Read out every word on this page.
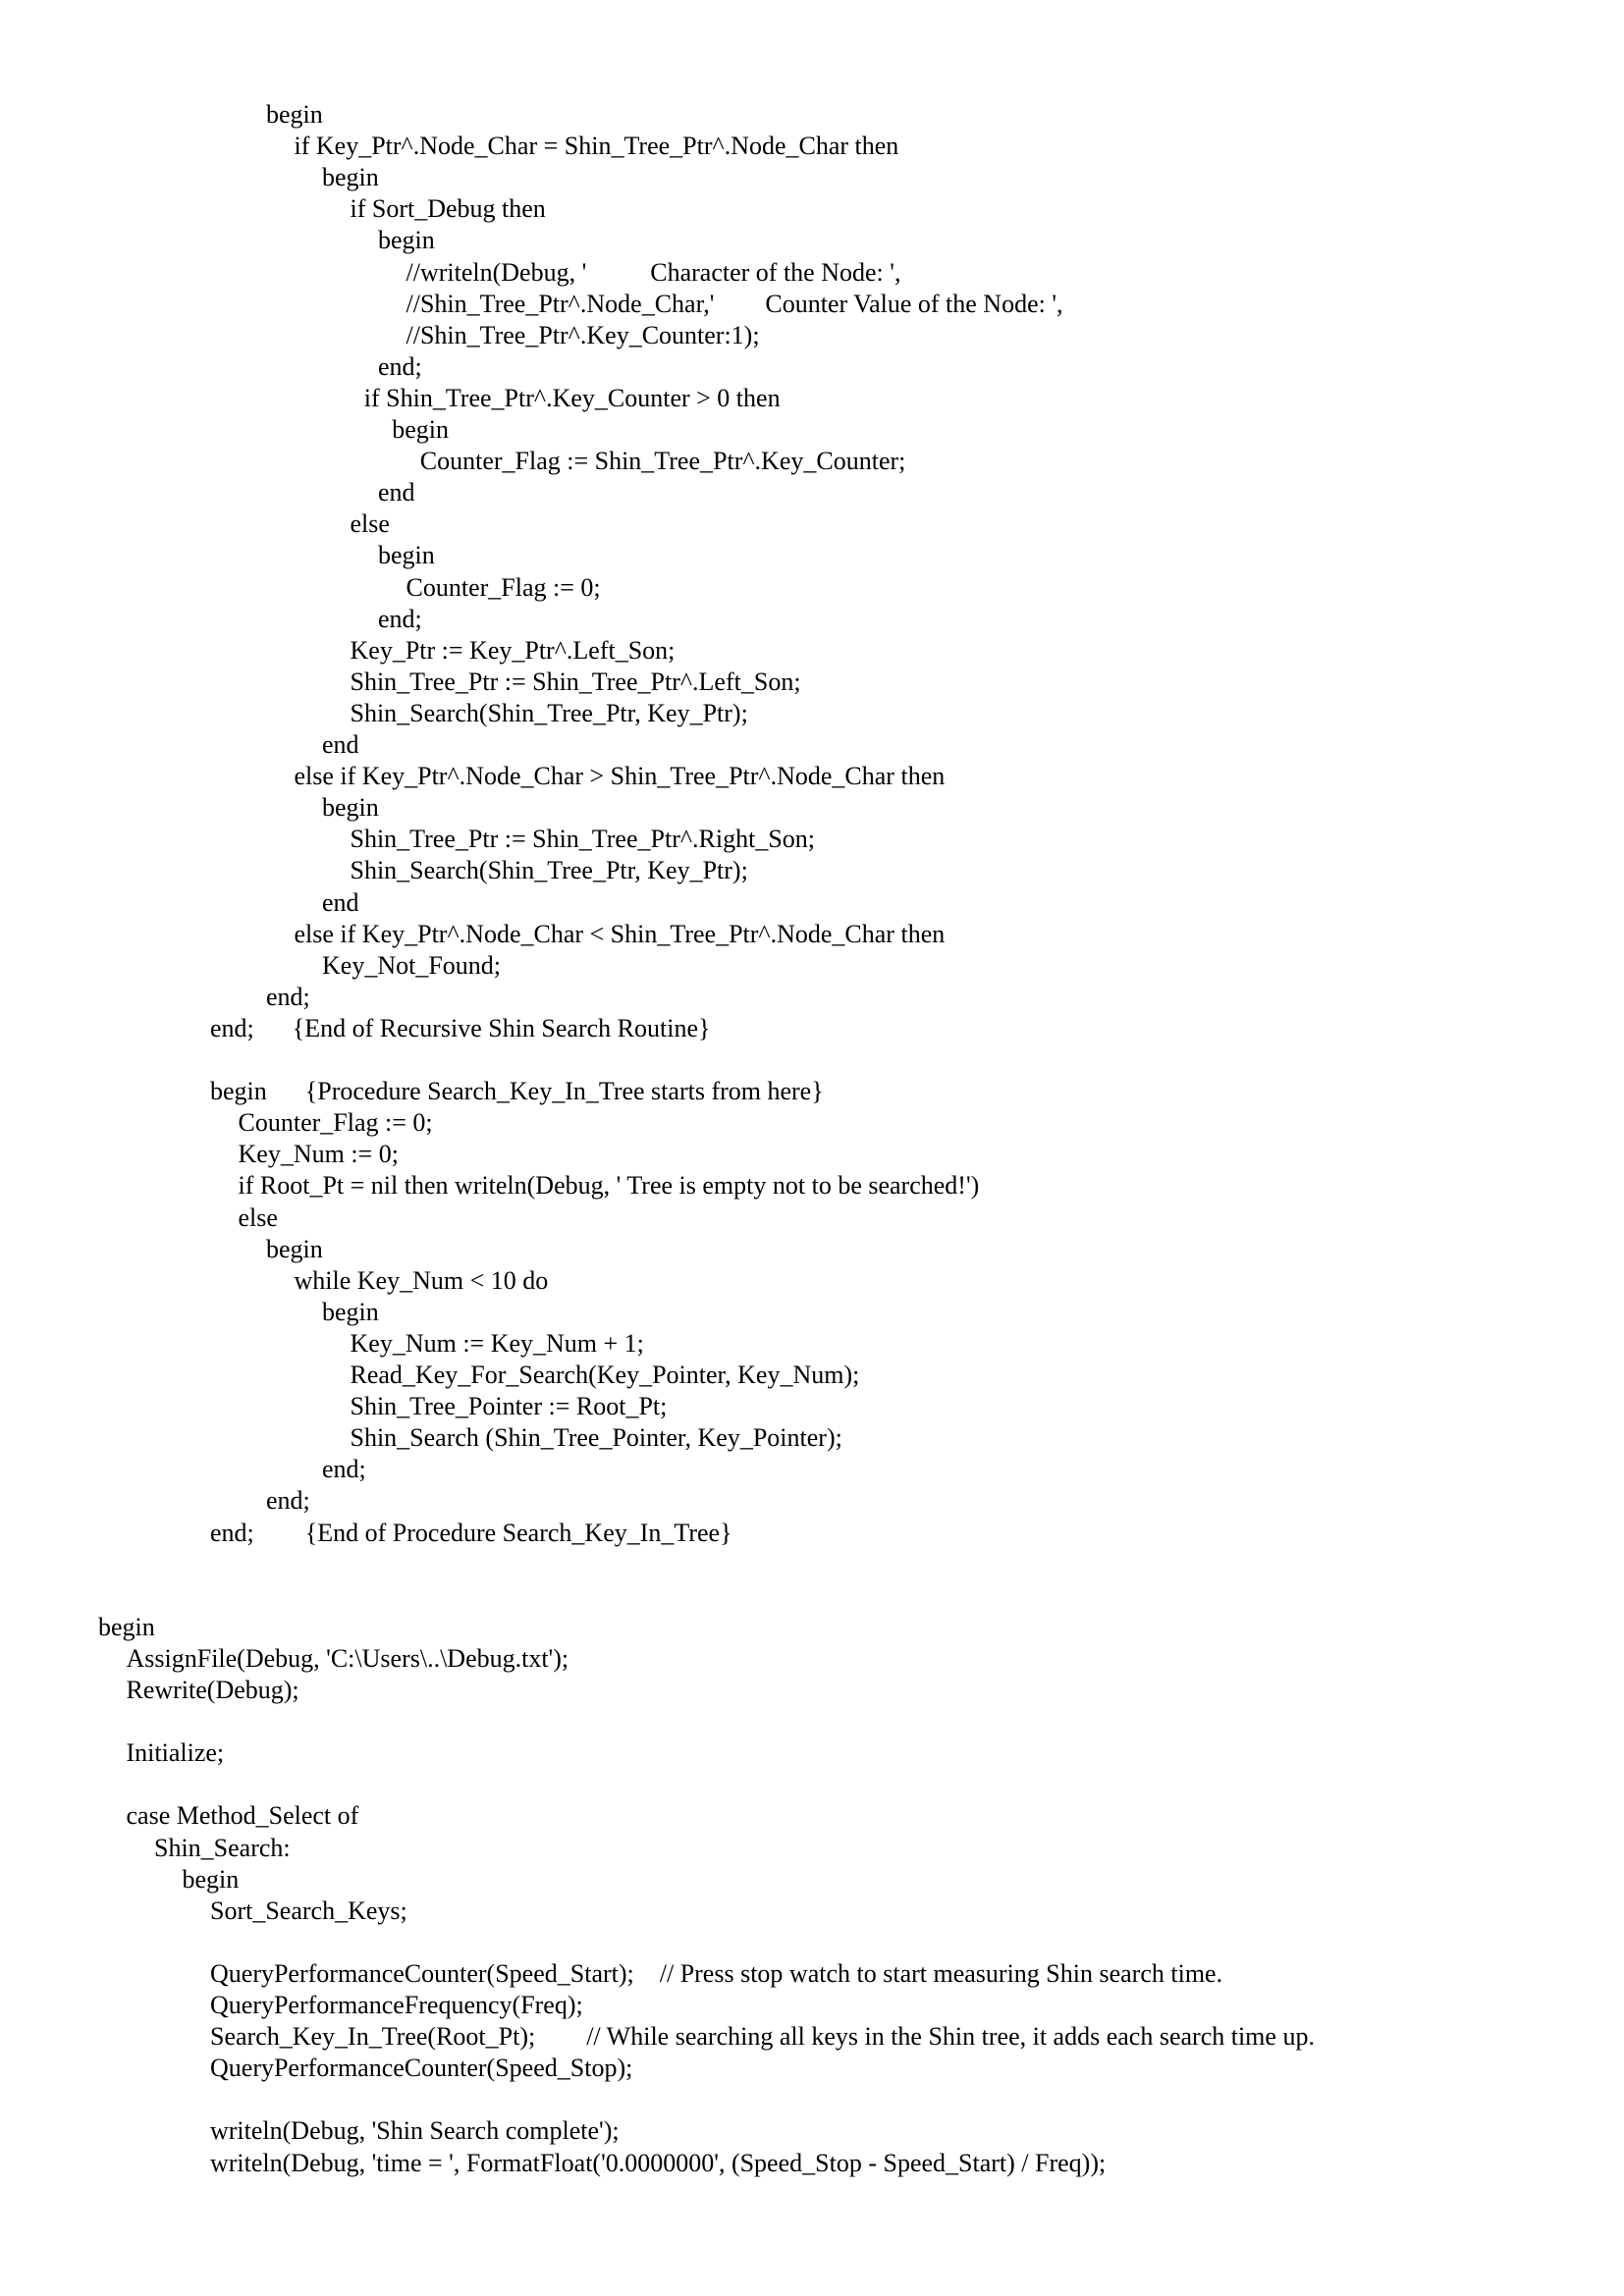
begin
if Key_Ptr^.Node_Char = Shin_Tree_Ptr^.Node_Char then
begin
if Sort_Debug then
begin
//writeln(Debug, '          Character of the Node: ',
//Shin_Tree_Ptr^.Node_Char,'        Counter Value of the Node: ',
//Shin_Tree_Ptr^.Key_Counter:1);
end;
if Shin_Tree_Ptr^.Key_Counter > 0 then
begin
Counter_Flag := Shin_Tree_Ptr^.Key_Counter;
end
else
begin
Counter_Flag := 0;
end;
Key_Ptr := Key_Ptr^.Left_Son;
Shin_Tree_Ptr := Shin_Tree_Ptr^.Left_Son;
Shin_Search(Shin_Tree_Ptr, Key_Ptr);
end
else if Key_Ptr^.Node_Char > Shin_Tree_Ptr^.Node_Char then
begin
Shin_Tree_Ptr := Shin_Tree_Ptr^.Right_Son;
Shin_Search(Shin_Tree_Ptr, Key_Ptr);
end
else if Key_Ptr^.Node_Char < Shin_Tree_Ptr^.Node_Char then
Key_Not_Found;
end;
end;      {End of Recursive Shin Search Routine}
begin      {Procedure Search_Key_In_Tree starts from here}
Counter_Flag := 0;
Key_Num := 0;
if Root_Pt = nil then writeln(Debug, ' Tree is empty not to be searched!')
else
begin
while Key_Num < 10 do
begin
Key_Num := Key_Num + 1;
Read_Key_For_Search(Key_Pointer, Key_Num);
Shin_Tree_Pointer := Root_Pt;
Shin_Search (Shin_Tree_Pointer, Key_Pointer);
end;
end;
end;        {End of Procedure Search_Key_In_Tree}
begin
AssignFile(Debug, 'C:\Users\..\Debug.txt');
Rewrite(Debug);
Initialize;
case Method_Select of
Shin_Search:
begin
Sort_Search_Keys;
QueryPerformanceCounter(Speed_Start);    // Press stop watch to start measuring Shin search time.
QueryPerformanceFrequency(Freq);
Search_Key_In_Tree(Root_Pt);        // While searching all keys in the Shin tree, it adds each search time up.
QueryPerformanceCounter(Speed_Stop);
writeln(Debug, 'Shin Search complete');
writeln(Debug, 'time = ', FormatFloat('0.0000000', (Speed_Stop - Speed_Start) / Freq));
